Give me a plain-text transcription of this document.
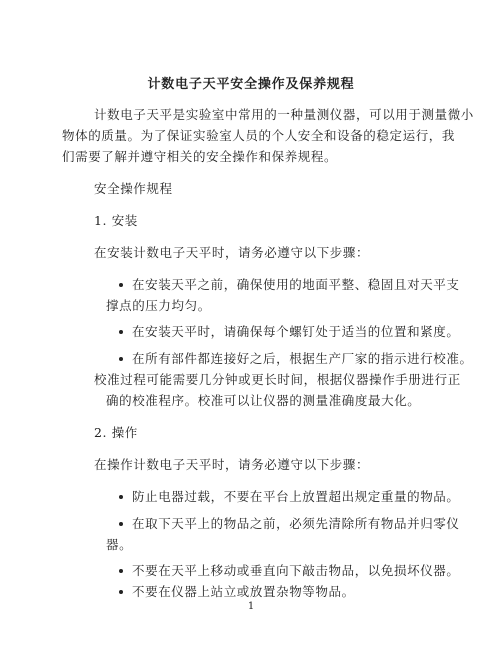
计数电子天平安全操作及保养规程
计数电子天平是实验室中常用的一种量测仪器，可以用于测量微小
物体的质量。为了保证实验室人员的个人安全和设备的稳定运行，我
们需要了解并遵守相关的安全操作和保养规程。
安全操作规程
1. 安装
在安装计数电子天平时，请务必遵守以下步骤：
在安装天平之前，确保使用的地面平整、稳固且对天平支
撑点的压力均匀。
在安装天平时，请确保每个螺钉处于适当的位置和紧度。
在所有部件都连接好之后，根据生产厂家的指示进行校准。
校准过程可能需要几分钟或更长时间，根据仪器操作手册进行正
确的校准程序。校准可以让仪器的测量准确度最大化。
2. 操作
在操作计数电子天平时，请务必遵守以下步骤：
防止电器过载，不要在平台上放置超出规定重量的物品。
在取下天平上的物品之前，必须先清除所有物品并归零仪
器。
不要在天平上移动或垂直向下敲击物品，以免损坏仪器。
不要在仪器上站立或放置杂物等物品。
1
